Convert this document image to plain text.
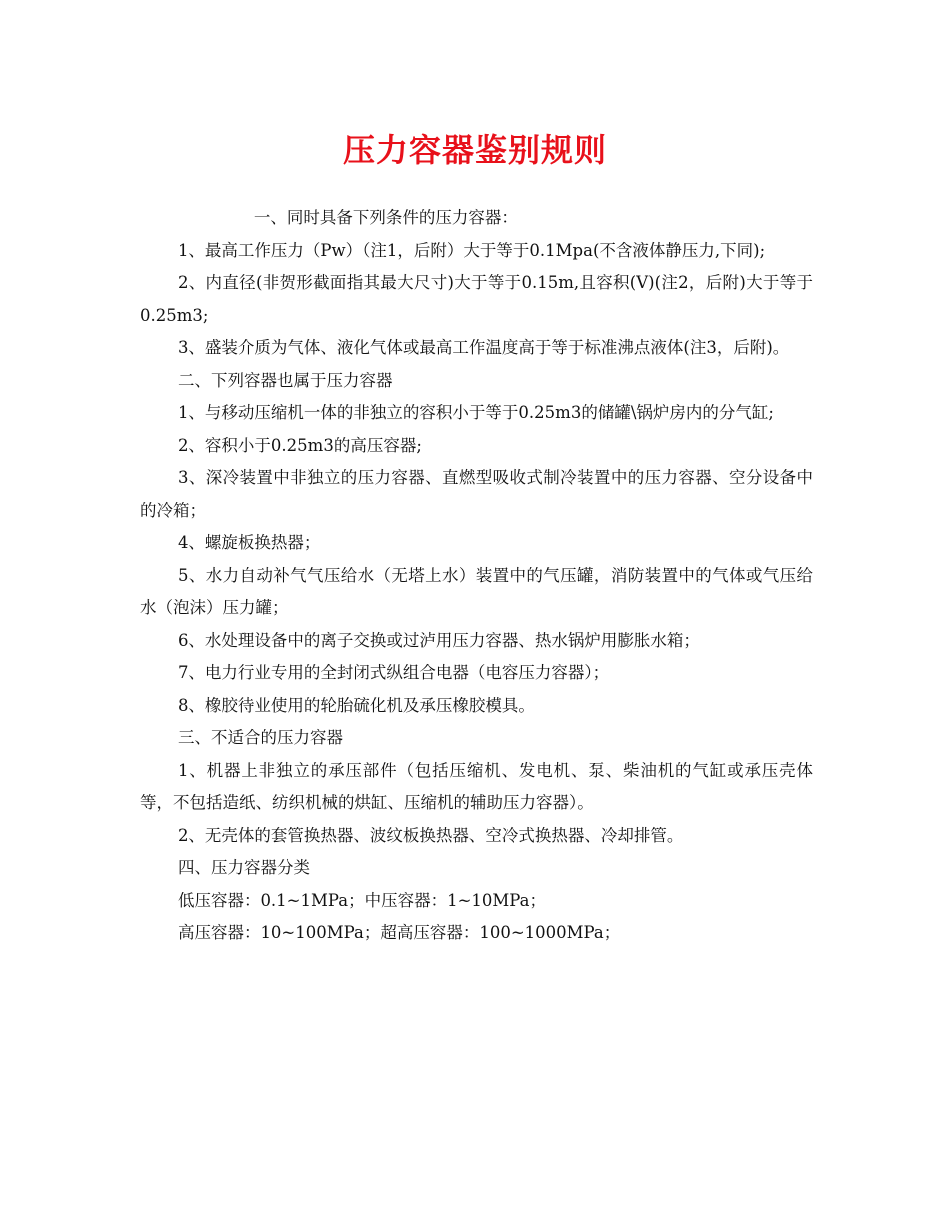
压力容器鉴别规则

一、同时具备下列条件的压力容器：

1、最高工作压力（Pw）（注1，后附）大于等于0.1Mpa(不含液体静压力,下同);

2、内直径(非贺形截面指其最大尺寸)大于等于0.15m,且容积(V)(注2，后附)大于等于0.25m3;

3、盛装介质为气体、液化气体或最高工作温度高于等于标准沸点液体(注3，后附)。

二、下列容器也属于压力容器

1、与移动压缩机一体的非独立的容积小于等于0.25m3的储罐\锅炉房内的分气缸;

2、容积小于0.25m3的高压容器;

3、深冷装置中非独立的压力容器、直燃型吸收式制冷装置中的压力容器、空分设备中的冷箱；

4、螺旋板换热器；

5、水力自动补气气压给水（无塔上水）装置中的气压罐，消防装置中的气体或气压给水（泡沫）压力罐；

6、水处理设备中的离子交换或过泸用压力容器、热水锅炉用膨胀水箱；

7、电力行业专用的全封闭式纵组合电器（电容压力容器）；

8、橡胶待业使用的轮胎硫化机及承压橡胶模具。

三、不适合的压力容器

1、机器上非独立的承压部件（包括压缩机、发电机、泵、柴油机的气缸或承压壳体等，不包括造纸、纺织机械的烘缸、压缩机的辅助压力容器）。

2、无壳体的套管换热器、波纹板换热器、空冷式换热器、冷却排管。

四、压力容器分类

低压容器：0.1~1MPa；中压容器：1~10MPa；

高压容器：10~100MPa；超高压容器：100~1000MPa；
